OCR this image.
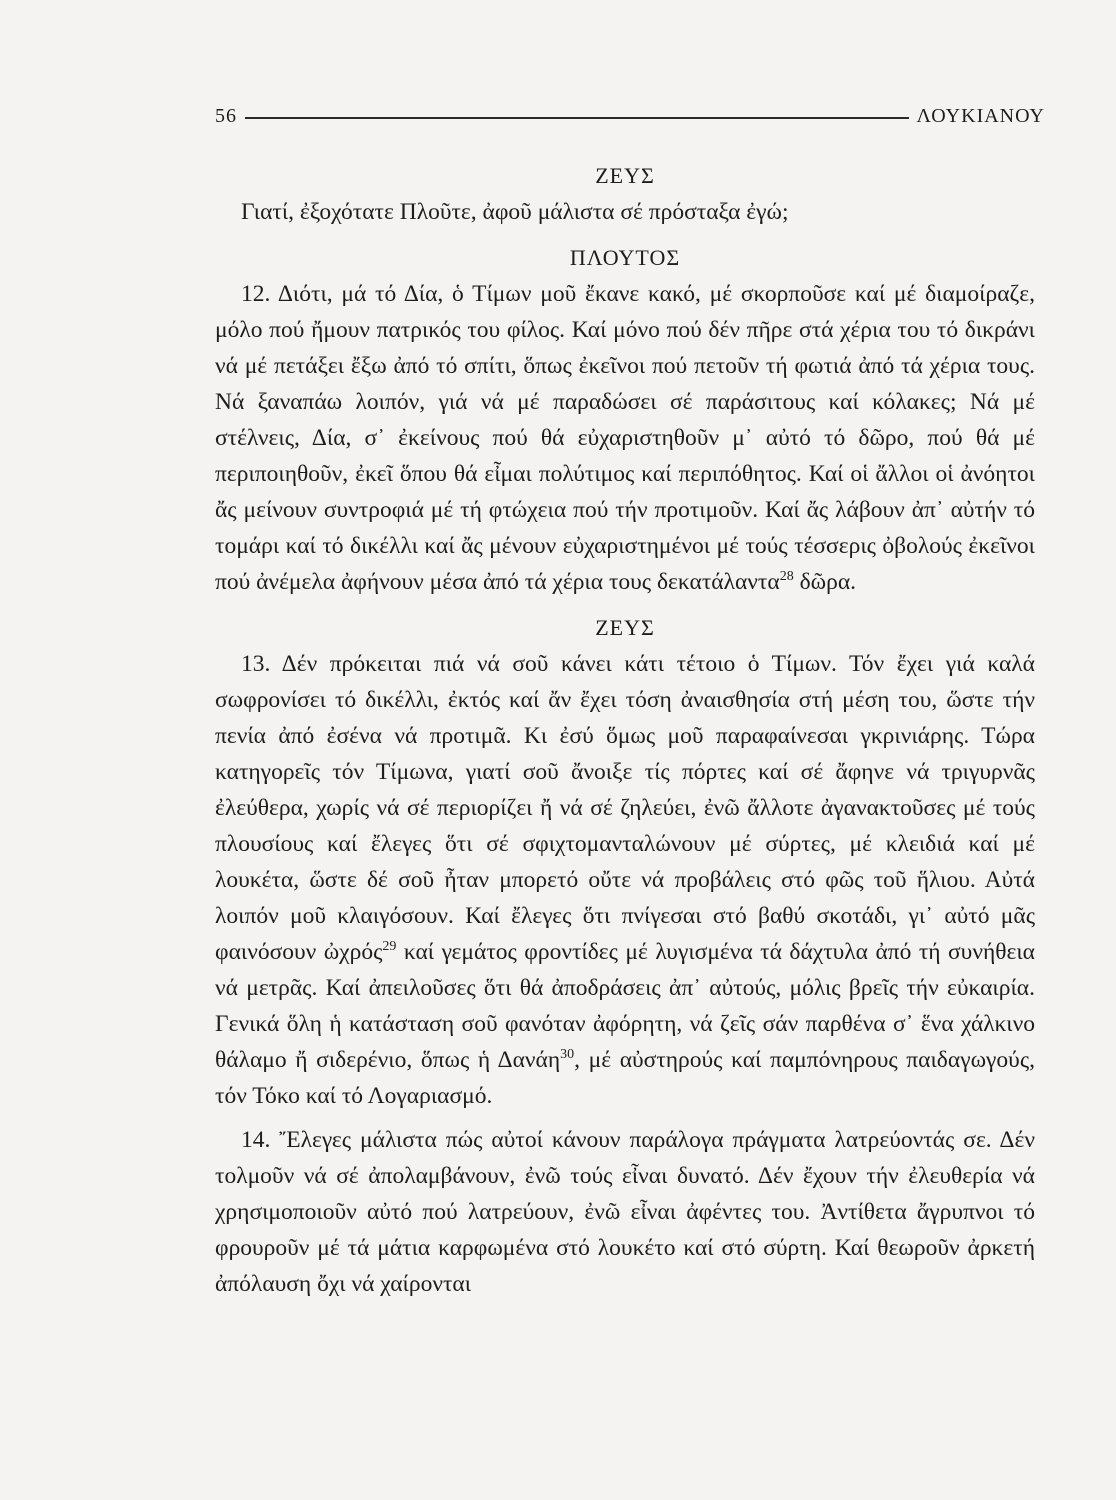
56	ΛΟΥΚΙΑΝΟΥ

ΖΕΥΣ

Γιατί, ἐξοχότατε Πλοῦτε, ἀφοῦ μάλιστα σέ πρόσταξα ἐγώ;

ΠΛΟΥΤΟΣ

12. Διότι, μά τό Δία, ὁ Τίμων μοῦ ἔκανε κακό, μέ σκορποῦσε καί μέ διαμοίραζε, μόλο πού ἤμουν πατρικός του φίλος. Καί μόνο πού δέν πῆρε στά χέρια του τό δικράνι νά μέ πετάξει ἔξω ἀπό τό σπίτι, ὅπως ἐκεῖνοι πού πετοῦν τή φωτιά ἀπό τά χέρια τους. Νά ξαναπάω λοιπόν, γιά νά μέ παραδώσει σέ παράσιτους καί κόλακες; Νά μέ στέλνεις, Δία, σ᾿ ἐκείνους πού θά εὐχαριστηθοῦν μ᾿ αὐτό τό δῶρο, πού θά μέ περιποιηθοῦν, ἐκεῖ ὅπου θά εἶμαι πολύτιμος καί περιπόθητος. Καί οἱ ἄλλοι οἱ ἀνόητοι ἄς μείνουν συντροφιά μέ τή φτώχεια πού τήν προτιμοῦν. Καί ἄς λάβουν ἀπ᾿ αὐτήν τό τομάρι καί τό δικέλλι καί ἄς μένουν εὐχαριστημένοι μέ τούς τέσσερις ὀβολούς ἐκεῖνοι πού ἀνέμελα ἀφήνουν μέσα ἀπό τά χέρια τους δεκατάλαντα$^{28}$ δῶρα.

ΖΕΥΣ

13. Δέν πρόκειται πιά νά σοῦ κάνει κάτι τέτοιο ὁ Τίμων. Τόν ἔχει γιά καλά σωφρονίσει τό δικέλλι, ἐκτός καί ἄν ἔχει τόση ἀναισθησία στή μέση του, ὥστε τήν πενία ἀπό ἐσένα νά προτιμᾶ. Κι ἐσύ ὅμως μοῦ παραφαίνεσαι γκρινιάρης. Τώρα κατηγορεῖς τόν Τίμωνα, γιατί σοῦ ἄνοιξε τίς πόρτες καί σέ ἄφηνε νά τριγυρνᾶς ἐλεύθερα, χωρίς νά σέ περιορίζει ἤ νά σέ ζηλεύει, ἐνῶ ἄλλοτε ἀγανακτοῦσες μέ τούς πλουσίους καί ἔλεγες ὅτι σέ σφιχτομανταλώνουν μέ σύρτες, μέ κλειδιά καί μέ λουκέτα, ὥστε δέ σοῦ ἦταν μπορετό οὔτε νά προβάλεις στό φῶς τοῦ ἥλιου. Αὐτά λοιπόν μοῦ κλαιγόσουν. Καί ἔλεγες ὅτι πνίγεσαι στό βαθύ σκοτάδι, γι᾿ αὐτό μᾶς φαινόσουν ὠχρός$^{29}$ καί γεμάτος φροντίδες μέ λυγισμένα τά δάχτυλα ἀπό τή συνήθεια νά μετρᾶς. Καί ἀπειλοῦσες ὅτι θά ἀποδράσεις ἀπ᾿ αὐτούς, μόλις βρεῖς τήν εὐκαιρία. Γενικά ὅλη ἡ κατάσταση σοῦ φανόταν ἀφόρητη, νά ζεῖς σάν παρθένα σ᾿ ἕνα χάλκινο θάλαμο ἤ σιδερένιο, ὅπως ἡ Δανάη$^{30}$, μέ αὐστηρούς καί παμπόνηρους παιδαγωγούς, τόν Τόκο καί τό Λογαριασμό.

14. Ἔλεγες μάλιστα πώς αὐτοί κάνουν παράλογα πράγματα λατρεύοντάς σε. Δέν τολμοῦν νά σέ ἀπολαμβάνουν, ἐνῶ τούς εἶναι δυνατό. Δέν ἔχουν τήν ἐλευθερία νά χρησιμοποιοῦν αὐτό πού λατρεύουν, ἐνῶ εἶναι ἀφέντες του. Ἀντίθετα ἄγρυπνοι τό φρουροῦν μέ τά μάτια καρφωμένα στό λουκέτο καί στό σύρτη. Καί θεωροῦν ἀρκετή ἀπόλαυση ὄχι νά χαίρονται
